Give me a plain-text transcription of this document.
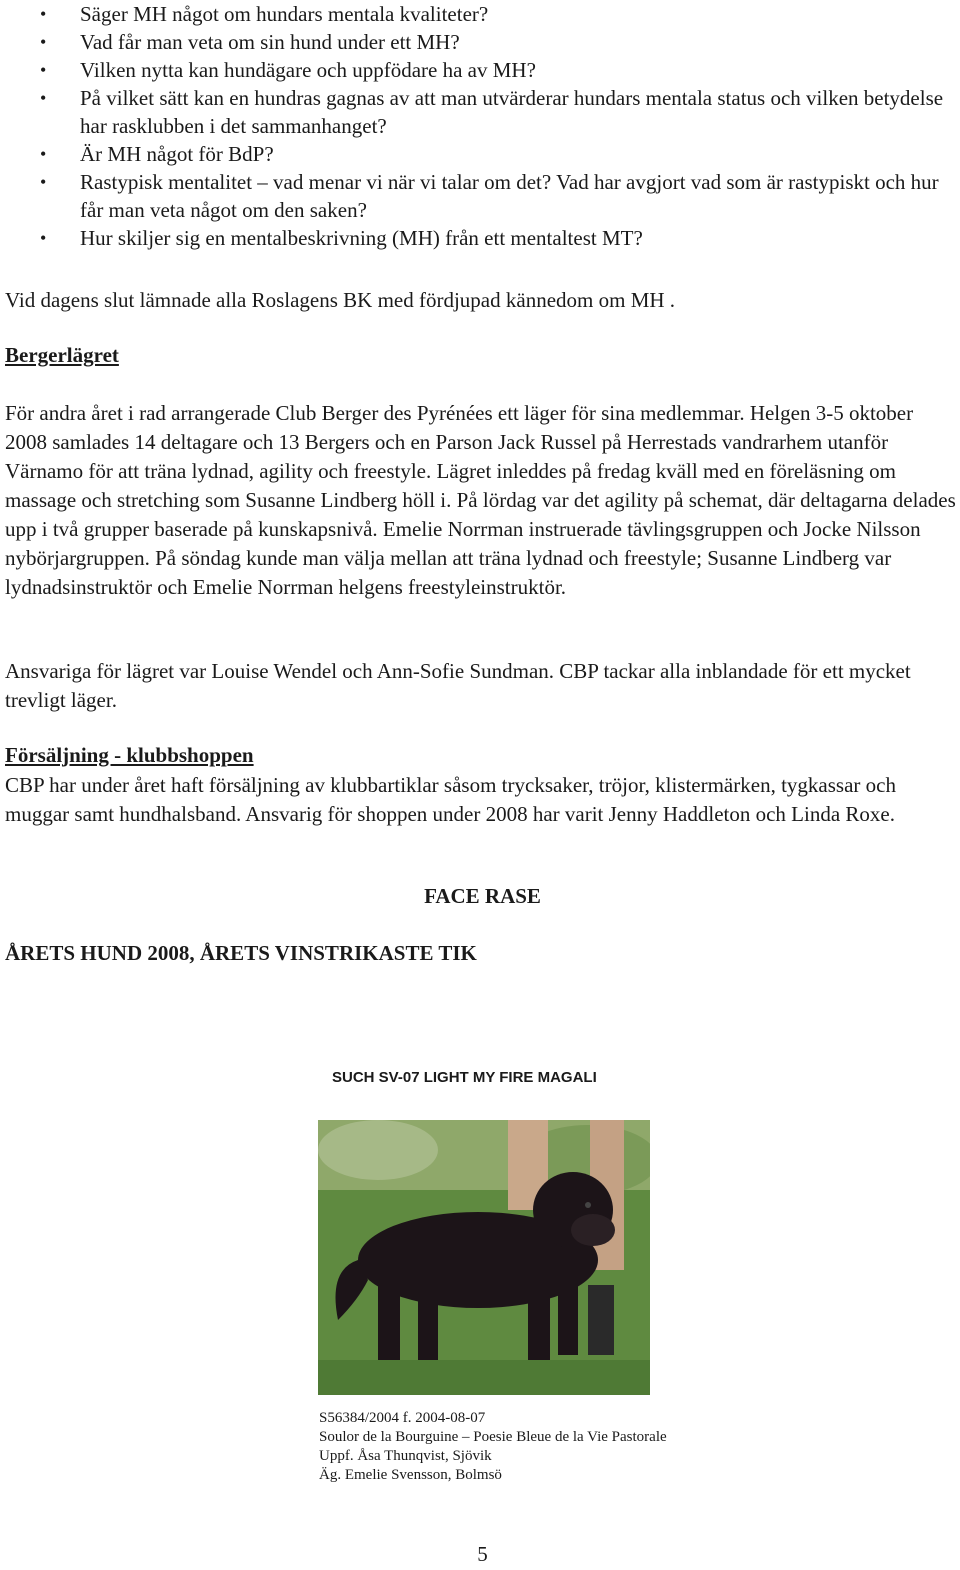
• Säger MH något om hundars mentala kvaliteter?
• Vad får man veta om sin hund under ett MH?
• Vilken nytta kan hundägare och uppfödare ha av MH?
• På vilket sätt kan en hundras gagnas av att man utvärderar hundars mentala status och vilken betydelse har rasklubben i det sammanhanget?
• Är MH något för BdP?
• Rastypisk mentalitet – vad menar vi när vi talar om det? Vad har avgjort vad som är rastypiskt och hur får man veta något om den saken?
• Hur skiljer sig en mentalbeskrivning (MH) från ett mentaltest MT?
Vid dagens slut lämnade alla Roslagens BK med fördjupad kännedom om MH .
Bergerlägret
För andra året i rad arrangerade Club Berger des Pyrénées ett läger för sina medlemmar. Helgen 3-5 oktober 2008 samlades 14 deltagare och 13 Bergers och en Parson Jack Russel på Herrestads vandrarhem utanför Värnamo för att träna lydnad, agility och freestyle. Lägret inleddes på fredag kväll med en föreläsning om massage och stretching som Susanne Lindberg höll i. På lördag var det agility på schemat, där deltagarna delades upp i två grupper baserade på kunskapsnivå. Emelie Norrman instruerade tävlingsgruppen och Jocke Nilsson nybörjargruppen. På söndag kunde man välja mellan att träna lydnad och freestyle; Susanne Lindberg var lydnadsinstruktör och Emelie Norrman helgens freestyleinstruktör.
Ansvariga för lägret var Louise Wendel och Ann-Sofie Sundman. CBP tackar alla inblandade för ett mycket trevligt läger.
Försäljning - klubbshoppen
CBP har under året haft försäljning av klubbartiklar såsom trycksaker, tröjor, klistermärken, tygkassar och muggar samt hundhalsband. Ansvarig för shoppen under 2008 har varit Jenny Haddleton och Linda Roxe.
FACE RASE
ÅRETS HUND 2008, ÅRETS VINSTRIKASTE TIK
SUCH SV-07 LIGHT MY FIRE MAGALI
S56384/2004 f. 2004-08-07
Soulor de la Bourguine – Poesie Bleue de la Vie Pastorale
Uppf. Åsa Thunqvist, Sjövik
Äg. Emelie Svensson, Bolmsö
5
